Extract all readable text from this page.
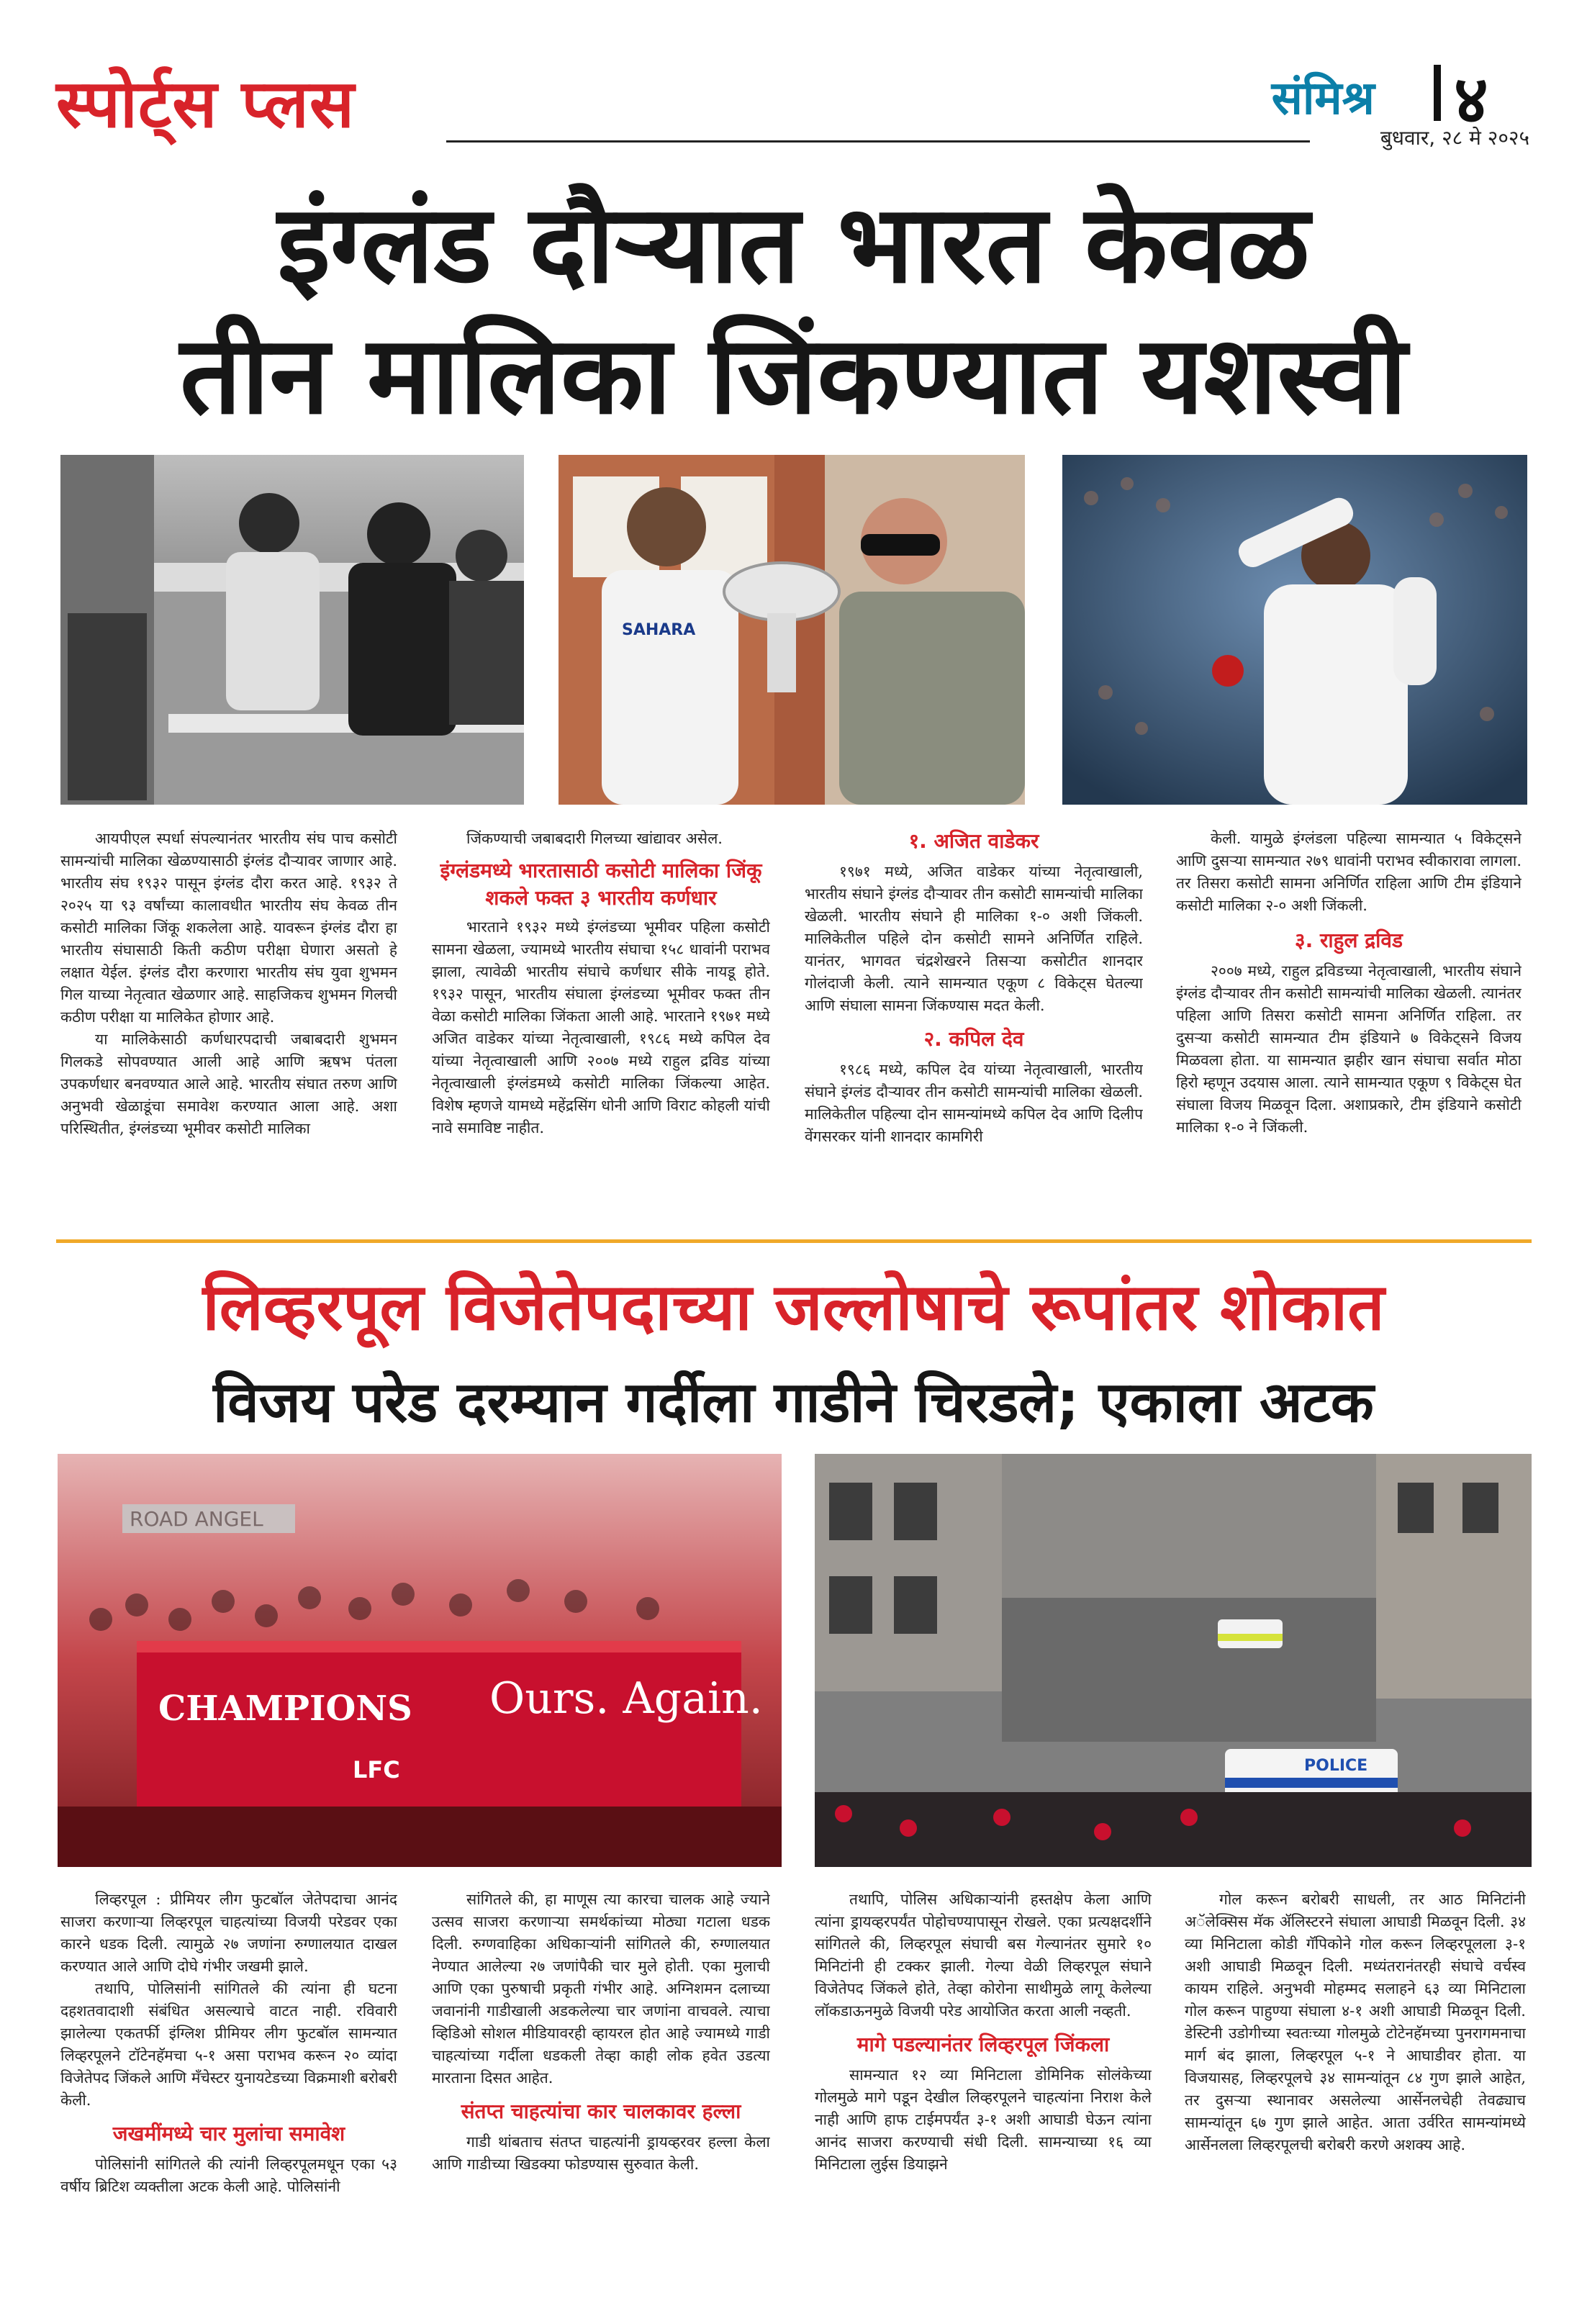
स्पोर्ट्स प्लस	संमिश्र ४
बुधवार, २८ मे २०२५
इंग्लंड दौऱ्यात भारत केवळ
तीन मालिका जिंकण्यात यशस्वी
SAHARA

आयपीएल स्पर्धा संपल्यानंतर भारतीय संघ पाच कसोटी सामन्यांची मालिका खेळण्यासाठी इंग्लंड दौऱ्यावर जाणार आहे. भारतीय संघ १९३२ पासून इंग्लंड दौरा करत आहे. १९३२ ते २०२५ या ९३ वर्षांच्या कालावधीत भारतीय संघ केवळ तीन कसोटी मालिका जिंकू शकलेला आहे. यावरून इंग्लंड दौरा हा भारतीय संघासाठी किती कठीण परीक्षा घेणारा असतो हे लक्षात येईल. इंग्लंड दौरा करणारा भारतीय संघ युवा शुभमन गिल याच्या नेतृत्वात खेळणार आहे. साहजिकच शुभमन गिलची कठीण परीक्षा या मालिकेत होणार आहे.

या मालिकेसाठी कर्णधारपदाची जबाबदारी शुभमन गिलकडे सोपवण्यात आली आहे आणि ऋषभ पंतला उपकर्णधार बनवण्यात आले आहे. भारतीय संघात तरुण आणि अनुभवी खेळाडूंचा समावेश करण्यात आला आहे. अशा परिस्थितीत, इंग्लंडच्या भूमीवर कसोटी मालिका

जिंकण्याची जबाबदारी गिलच्या खांद्यावर असेल.

इंग्लंडमध्ये भारतासाठी कसोटी मालिका जिंकू शकले फक्त ३ भारतीय कर्णधार

भारताने १९३२ मध्ये इंग्लंडच्या भूमीवर पहिला कसोटी सामना खेळला, ज्यामध्ये भारतीय संघाचा १५८ धावांनी पराभव झाला, त्यावेळी भारतीय संघाचे कर्णधार सीके नायडू होते. १९३२ पासून, भारतीय संघाला इंग्लंडच्या भूमीवर फक्त तीन वेळा कसोटी मालिका जिंकता आली आहे. भारताने १९७१ मध्ये अजित वाडेकर यांच्या नेतृत्वाखाली, १९८६ मध्ये कपिल देव यांच्या नेतृत्वाखाली आणि २००७ मध्ये राहुल द्रविड यांच्या नेतृत्वाखाली इंग्लंडमध्ये कसोटी मालिका जिंकल्या आहेत. विशेष म्हणजे यामध्ये महेंद्रसिंग धोनी आणि विराट कोहली यांची नावे समाविष्ट नाहीत.

१. अजित वाडेकर

१९७१ मध्ये, अजित वाडेकर यांच्या नेतृत्वाखाली, भारतीय संघाने इंग्लंड दौऱ्यावर तीन कसोटी सामन्यांची मालिका खेळली. भारतीय संघाने ही मालिका १-० अशी जिंकली. मालिकेतील पहिले दोन कसोटी सामने अनिर्णित राहिले. यानंतर, भागवत चंद्रशेखरने तिसऱ्या कसोटीत शानदार गोलंदाजी केली. त्याने सामन्यात एकूण ८ विकेट्स घेतल्या आणि संघाला सामना जिंकण्यास मदत केली.

२. कपिल देव

१९८६ मध्ये, कपिल देव यांच्या नेतृत्वाखाली, भारतीय संघाने इंग्लंड दौऱ्यावर तीन कसोटी सामन्यांची मालिका खेळली. मालिकेतील पहिल्या दोन सामन्यांमध्ये कपिल देव आणि दिलीप वेंगसरकर यांनी शानदार कामगिरी

केली. यामुळे इंग्लंडला पहिल्या सामन्यात ५ विकेट्सने आणि दुसऱ्या सामन्यात २७९ धावांनी पराभव स्वीकारावा लागला. तर तिसरा कसोटी सामना अनिर्णित राहिला आणि टीम इंडियाने कसोटी मालिका २-० अशी जिंकली.

३. राहुल द्रविड

२००७ मध्ये, राहुल द्रविडच्या नेतृत्वाखाली, भारतीय संघाने इंग्लंड दौऱ्यावर तीन कसोटी सामन्यांची मालिका खेळली. त्यानंतर पहिला आणि तिसरा कसोटी सामना अनिर्णित राहिला. तर दुसऱ्या कसोटी सामन्यात टीम इंडियाने ७ विकेट्सने विजय मिळवला होता. या सामन्यात झहीर खान संघाचा सर्वात मोठा हिरो म्हणून उदयास आला. त्याने सामन्यात एकूण ९ विकेट्स घेत संघाला विजय मिळवून दिला. अशाप्रकारे, टीम इंडियाने कसोटी मालिका १-० ने जिंकली.

लिव्हरपूल विजेतेपदाच्या जल्लोषाचे रूपांतर शोकात
विजय परेड दरम्यान गर्दीला गाडीने चिरडले; एकाला अटक
ROAD ANGEL
CHAMPIONS Ours. Again.
LFC	POLICE

लिव्हरपूल : प्रीमियर लीग फुटबॉल जेतेपदाचा आनंद साजरा करणाऱ्या लिव्हरपूल चाहत्यांच्या विजयी परेडवर एका कारने धडक दिली. त्यामुळे २७ जणांना रुग्णालयात दाखल करण्यात आले आणि दोघे गंभीर जखमी झाले.

तथापि, पोलिसांनी सांगितले की त्यांना ही घटना दहशतवादाशी संबंधित असल्याचे वाटत नाही. रविवारी झालेल्या एकतर्फी इंग्लिश प्रीमियर लीग फुटबॉल सामन्यात लिव्हरपूलने टॉटेनहॅमचा ५-१ असा पराभव करून २० व्यांदा विजेतेपद जिंकले आणि मँचेस्टर युनायटेडच्या विक्रमाशी बरोबरी केली.

जखमींमध्ये चार मुलांचा समावेश

पोलिसांनी सांगितले की त्यांनी लिव्हरपूलमधून एका ५३ वर्षीय ब्रिटिश व्यक्तीला अटक केली आहे. पोलिसांनी

सांगितले की, हा माणूस त्या कारचा चालक आहे ज्याने उत्सव साजरा करणाऱ्या समर्थकांच्या मोठ्या गटाला धडक दिली. रुग्णवाहिका अधिकाऱ्यांनी सांगितले की, रुग्णालयात नेण्यात आलेल्या २७ जणांपैकी चार मुले होती. एका मुलाची आणि एका पुरुषाची प्रकृती गंभीर आहे. अग्निशमन दलाच्या जवानांनी गाडीखाली अडकलेल्या चार जणांना वाचवले. त्याचा व्हिडिओ सोशल मीडियावरही व्हायरल होत आहे ज्यामध्ये गाडी चाहत्यांच्या गर्दीला धडकली तेव्हा काही लोक हवेत उडत्या मारताना दिसत आहेत.

संतप्त चाहत्यांचा कार चालकावर हल्ला

गाडी थांबताच संतप्त चाहत्यांनी ड्रायव्हरवर हल्ला केला आणि गाडीच्या खिडक्या फोडण्यास सुरुवात केली.

तथापि, पोलिस अधिकाऱ्यांनी हस्तक्षेप केला आणि त्यांना ड्रायव्हरपर्यंत पोहोचण्यापासून रोखले. एका प्रत्यक्षदर्शीने सांगितले की, लिव्हरपूल संघाची बस गेल्यानंतर सुमारे १० मिनिटांनी ही टक्कर झाली. गेल्या वेळी लिव्हरपूल संघाने विजेतेपद जिंकले होते, तेव्हा कोरोना साथीमुळे लागू केलेल्या लॉकडाऊनमुळे विजयी परेड आयोजित करता आली नव्हती.

मागे पडल्यानंतर लिव्हरपूल जिंकला

सामन्यात १२ व्या मिनिटाला डोमिनिक सोलंकेच्या गोलमुळे मागे पडून देखील लिव्हरपूलने चाहत्यांना निराश केले नाही आणि हाफ टाईमपर्यंत ३-१ अशी आघाडी घेऊन त्यांना आनंद साजरा करण्याची संधी दिली. सामन्याच्या १६ व्या मिनिटाला लुईस डियाझने

गोल करून बरोबरी साधली, तर आठ मिनिटांनी अॅलेक्सिस मॅक ॲलिस्टरने संघाला आघाडी मिळवून दिली. ३४ व्या मिनिटाला कोडी गॅपिकोने गोल करून लिव्हरपूलला ३-१ अशी आघाडी मिळवून दिली. मध्यंतरानंतरही संघाचे वर्चस्व कायम राहिले. अनुभवी मोहम्मद सलाहने ६३ व्या मिनिटाला गोल करून पाहुण्या संघाला ४-१ अशी आघाडी मिळवून दिली. डेस्टिनी उडोगीच्या स्वतःच्या गोलमुळे टोटेनहॅमच्या पुनरागमनाचा मार्ग बंद झाला, लिव्हरपूल ५-१ ने आघाडीवर होता. या विजयासह, लिव्हरपूलचे ३४ सामन्यांतून ८४ गुण झाले आहेत, तर दुसऱ्या स्थानावर असलेल्या आर्सेनलचेही तेवढ्याच सामन्यांतून ६७ गुण झाले आहेत. आता उर्वरित सामन्यांमध्ये आर्सेनलला लिव्हरपूलची बरोबरी करणे अशक्य आहे.
